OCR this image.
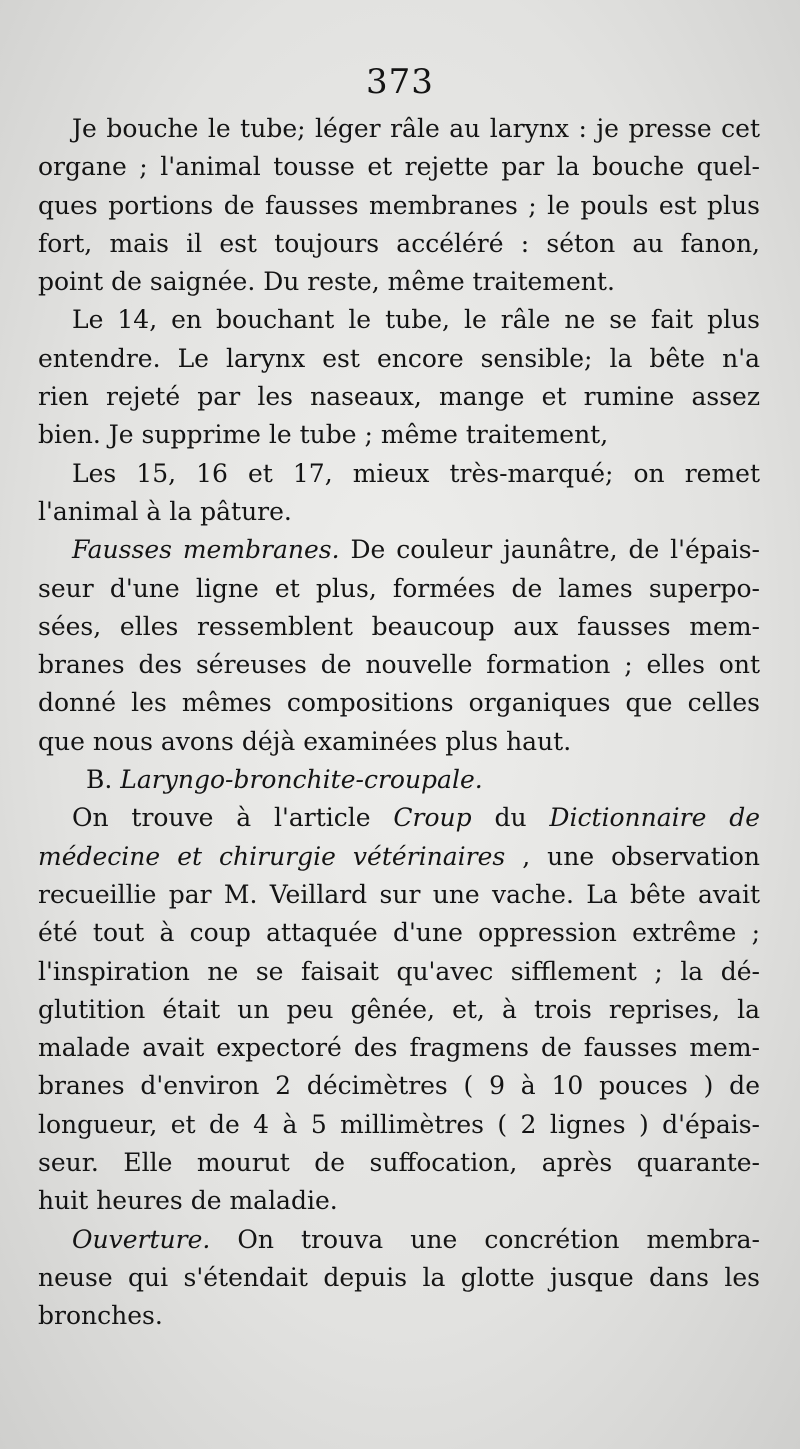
373
Je bouche le tube; léger râle au larynx : je presse cet
organe ; l'animal tousse et rejette par la bouche quel-
ques portions de fausses membranes ; le pouls est plus
fort, mais il est toujours accéléré : séton au fanon,
point de saignée. Du reste, même traitement.
Le 14, en bouchant le tube, le râle ne se fait plus
entendre. Le larynx est encore sensible; la bête n'a
rien rejeté par les naseaux, mange et rumine assez
bien. Je supprime le tube ; même traitement,
Les 15, 16 et 17, mieux très-marqué; on remet
l'animal à la pâture.
Fausses membranes. De couleur jaunâtre, de l'épais-
seur d'une ligne et plus, formées de lames superpo-
sées, elles ressemblent beaucoup aux fausses mem-
branes des séreuses de nouvelle formation ; elles ont
donné les mêmes compositions organiques que celles
que nous avons déjà examinées plus haut.
B. Laryngo-bronchite-croupale.
On trouve à l'article Croup du Dictionnaire de
médecine et chirurgie vétérinaires , une observation
recueillie par M. Veillard sur une vache. La bête avait
été tout à coup attaquée d'une oppression extrême ;
l'inspiration ne se faisait qu'avec sifflement ; la dé-
glutition était un peu gênée, et, à trois reprises, la
malade avait expectoré des fragmens de fausses mem-
branes d'environ 2 décimètres ( 9 à 10 pouces ) de
longueur, et de 4 à 5 millimètres ( 2 lignes ) d'épais-
seur. Elle mourut de suffocation, après quarante-
huit heures de maladie.
Ouverture. On trouva une concrétion membra-
neuse qui s'étendait depuis la glotte jusque dans les
bronches.
